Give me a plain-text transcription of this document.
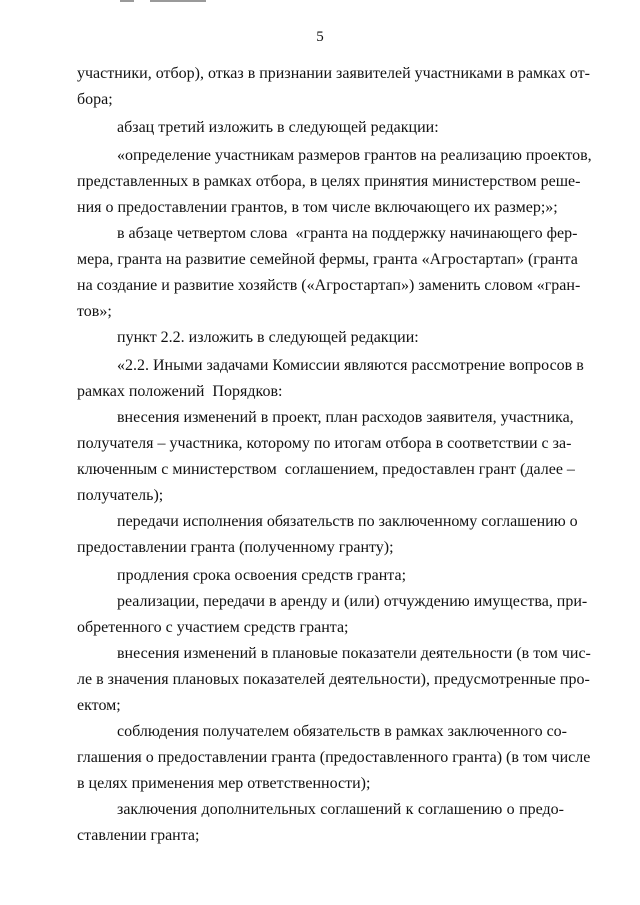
5
участники, отбор), отказ в признании заявителей участниками в рамках от-
бора;
абзац третий изложить в следующей редакции:
«определение участникам размеров грантов на реализацию проектов,
представленных в рамках отбора, в целях принятия министерством реше-
ния о предоставлении грантов, в том числе включающего их размер;»;
в абзаце четвертом слова  «гранта на поддержку начинающего фер-
мера, гранта на развитие семейной фермы, гранта «Агростартап» (гранта
на создание и развитие хозяйств («Агростартап») заменить словом «гран-
тов»;
пункт 2.2. изложить в следующей редакции:
«2.2. Иными задачами Комиссии являются рассмотрение вопросов в
рамках положений  Порядков:
внесения изменений в проект, план расходов заявителя, участника,
получателя – участника, которому по итогам отбора в соответствии с за-
ключенным с министерством  соглашением, предоставлен грант (далее –
получатель);
передачи исполнения обязательств по заключенному соглашению о
предоставлении гранта (полученному гранту);
продления срока освоения средств гранта;
реализации, передачи в аренду и (или) отчуждению имущества, при-
обретенного с участием средств гранта;
внесения изменений в плановые показатели деятельности (в том чис-
ле в значения плановых показателей деятельности), предусмотренные про-
ектом;
соблюдения получателем обязательств в рамках заключенного со-
глашения о предоставлении гранта (предоставленного гранта) (в том числе
в целях применения мер ответственности);
заключения дополнительных соглашений к соглашению о предо-
ставлении гранта;
